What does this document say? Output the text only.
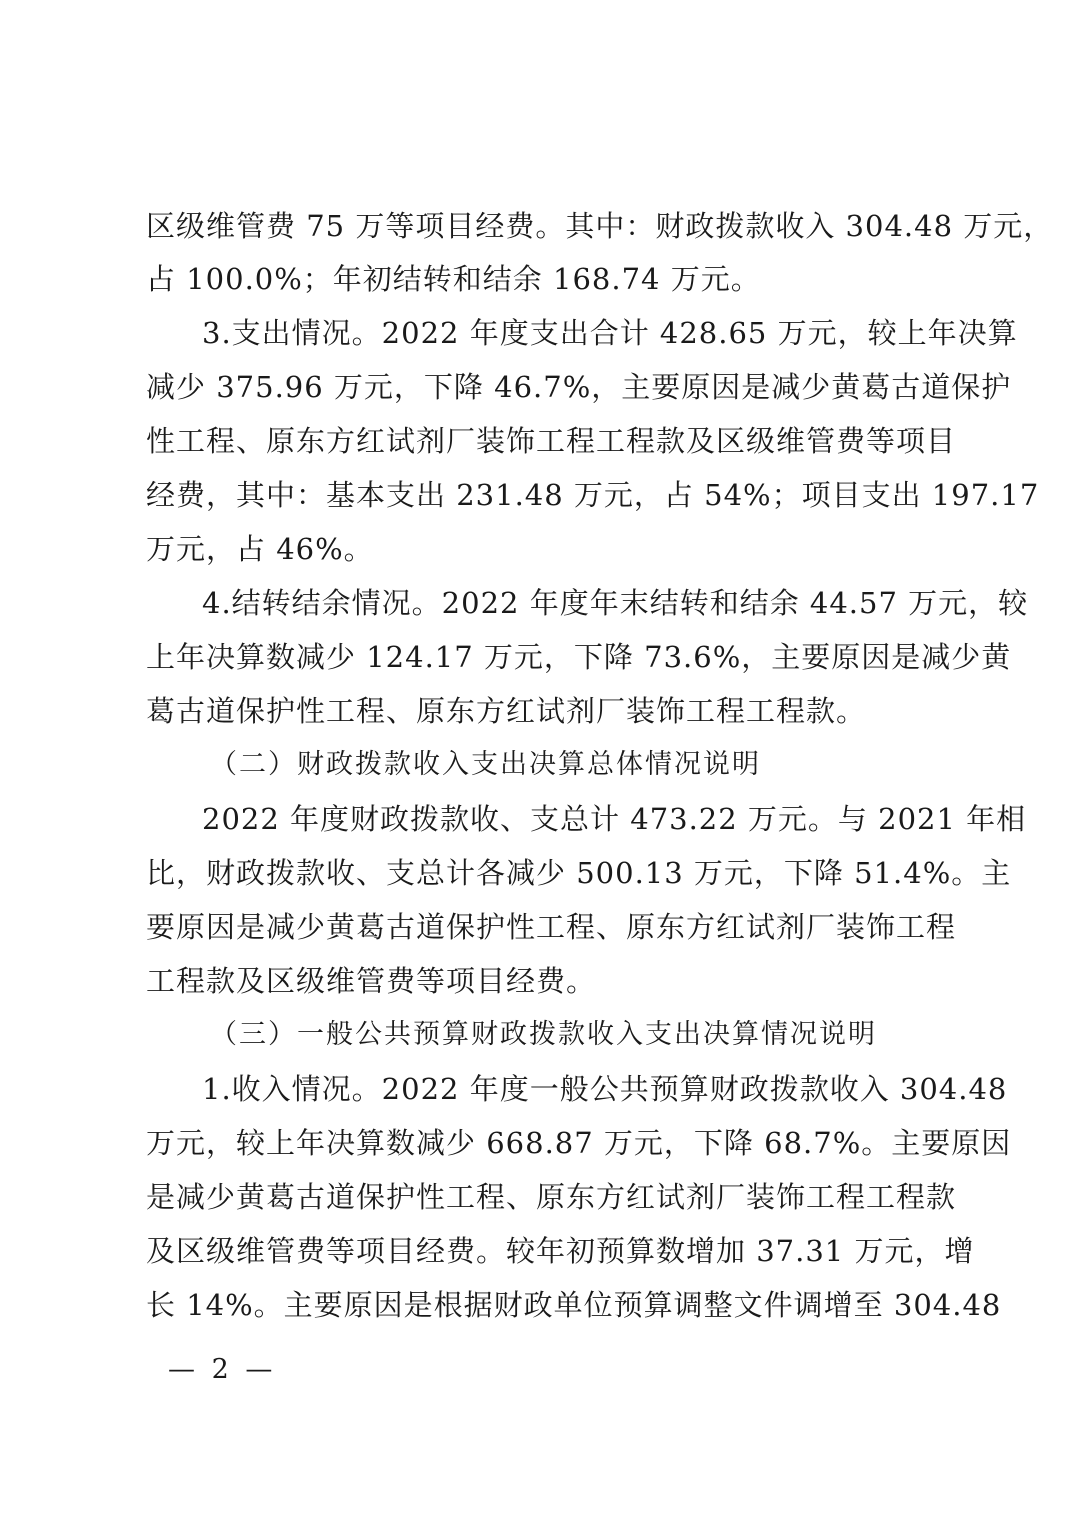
区级维管费 75 万等项目经费。其中：财政拨款收入 304.48 万元，
占 100.0%；年初结转和结余 168.74 万元。
3.支出情况。2022 年度支出合计 428.65 万元，较上年决算
减少 375.96 万元，下降 46.7%，主要原因是减少黄葛古道保护
性工程、原东方红试剂厂装饰工程工程款及区级维管费等项目
经费，其中：基本支出 231.48 万元，占 54%；项目支出 197.17
万元，占 46%。
4.结转结余情况。2022 年度年末结转和结余 44.57 万元，较
上年决算数减少 124.17 万元，下降 73.6%，主要原因是减少黄
葛古道保护性工程、原东方红试剂厂装饰工程工程款。
（二）财政拨款收入支出决算总体情况说明
2022 年度财政拨款收、支总计 473.22 万元。与 2021 年相
比，财政拨款收、支总计各减少 500.13 万元，下降 51.4%。主
要原因是减少黄葛古道保护性工程、原东方红试剂厂装饰工程
工程款及区级维管费等项目经费。
（三）一般公共预算财政拨款收入支出决算情况说明
1.收入情况。2022 年度一般公共预算财政拨款收入 304.48
万元，较上年决算数减少 668.87 万元，下降 68.7%。主要原因
是减少黄葛古道保护性工程、原东方红试剂厂装饰工程工程款
及区级维管费等项目经费。较年初预算数增加 37.31 万元，增
长 14%。主要原因是根据财政单位预算调整文件调增至 304.48
— 2 —
